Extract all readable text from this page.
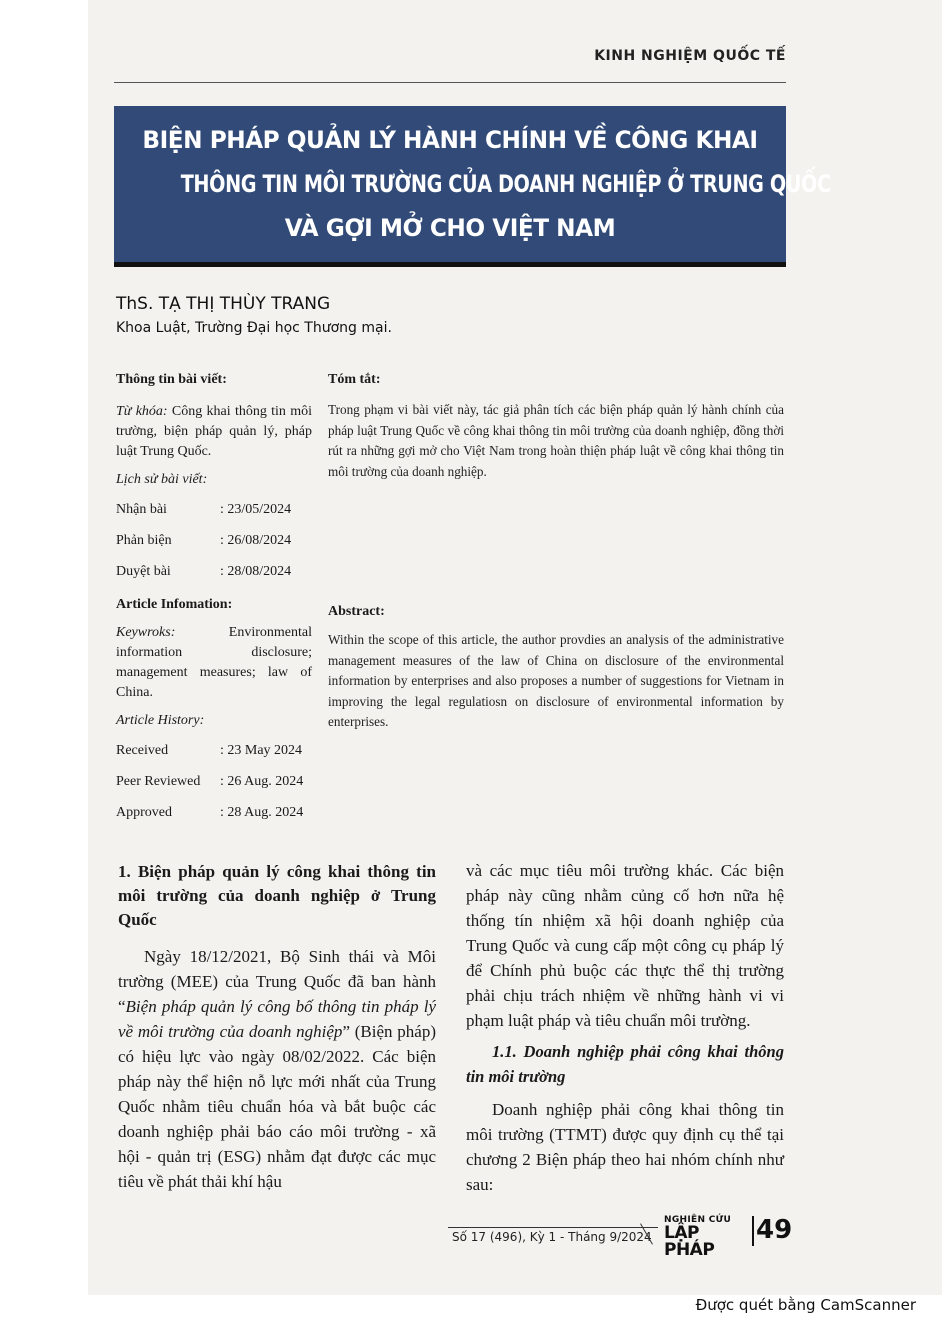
KINH NGHIỆM QUỐC TẾ
BIỆN PHÁP QUẢN LÝ HÀNH CHÍNH VỀ CÔNG KHAI
THÔNG TIN MÔI TRƯỜNG CỦA DOANH NGHIỆP Ở TRUNG QUỐC
VÀ GỢI MỞ CHO VIỆT NAM
ThS. TẠ THỊ THÙY TRANG
Khoa Luật, Trường Đại học Thương mại.
Thông tin bài viết:
Từ khóa: Công khai thông tin môi trường, biện pháp quản lý, pháp luật Trung Quốc.
Lịch sử bài viết:
Nhận bài	: 23/05/2024
Phản biện	: 26/08/2024
Duyệt bài	: 28/08/2024
Article Infomation:
Keywroks: Environmental information disclosure; management measures; law of China.
Article History:
Received	: 23 May 2024
Peer Reviewed	: 26 Aug. 2024
Approved	: 28 Aug. 2024
Tóm tắt:
Trong phạm vi bài viết này, tác giả phân tích các biện pháp quản lý hành chính của pháp luật Trung Quốc về công khai thông tin môi trường của doanh nghiệp, đồng thời rút ra những gợi mở cho Việt Nam trong hoàn thiện pháp luật về công khai thông tin môi trường của doanh nghiệp.
Abstract:
Within the scope of this article, the author provdies an analysis of the administrative management measures of the law of China on disclosure of the environmental information by enterprises and also proposes a number of suggestions for Vietnam in improving the legal regulatiosn on disclosure of environmental information by enterprises.
1. Biện pháp quản lý công khai thông tin môi trường của doanh nghiệp ở Trung Quốc
Ngày 18/12/2021, Bộ Sinh thái và Môi trường (MEE) của Trung Quốc đã ban hành “Biện pháp quản lý công bố thông tin pháp lý về môi trường của doanh nghiệp” (Biện pháp) có hiệu lực vào ngày 08/02/2022. Các biện pháp này thể hiện nỗ lực mới nhất của Trung Quốc nhằm tiêu chuẩn hóa và bắt buộc các doanh nghiệp phải báo cáo môi trường - xã hội - quản trị (ESG) nhằm đạt được các mục tiêu về phát thải khí hậu
và các mục tiêu môi trường khác. Các biện pháp này cũng nhằm củng cố hơn nữa hệ thống tín nhiệm xã hội doanh nghiệp của Trung Quốc và cung cấp một công cụ pháp lý để Chính phủ buộc các thực thể thị trường phải chịu trách nhiệm về những hành vi vi phạm luật pháp và tiêu chuẩn môi trường.
1.1. Doanh nghiệp phải công khai thông tin môi trường
Doanh nghiệp phải công khai thông tin môi trường (TTMT) được quy định cụ thể tại chương 2 Biện pháp theo hai nhóm chính như sau:
Số 17 (496), Kỳ 1 - Tháng 9/2024
NGHIÊN CỨU
LẬP PHÁP
49
Được quét bằng CamScanner
